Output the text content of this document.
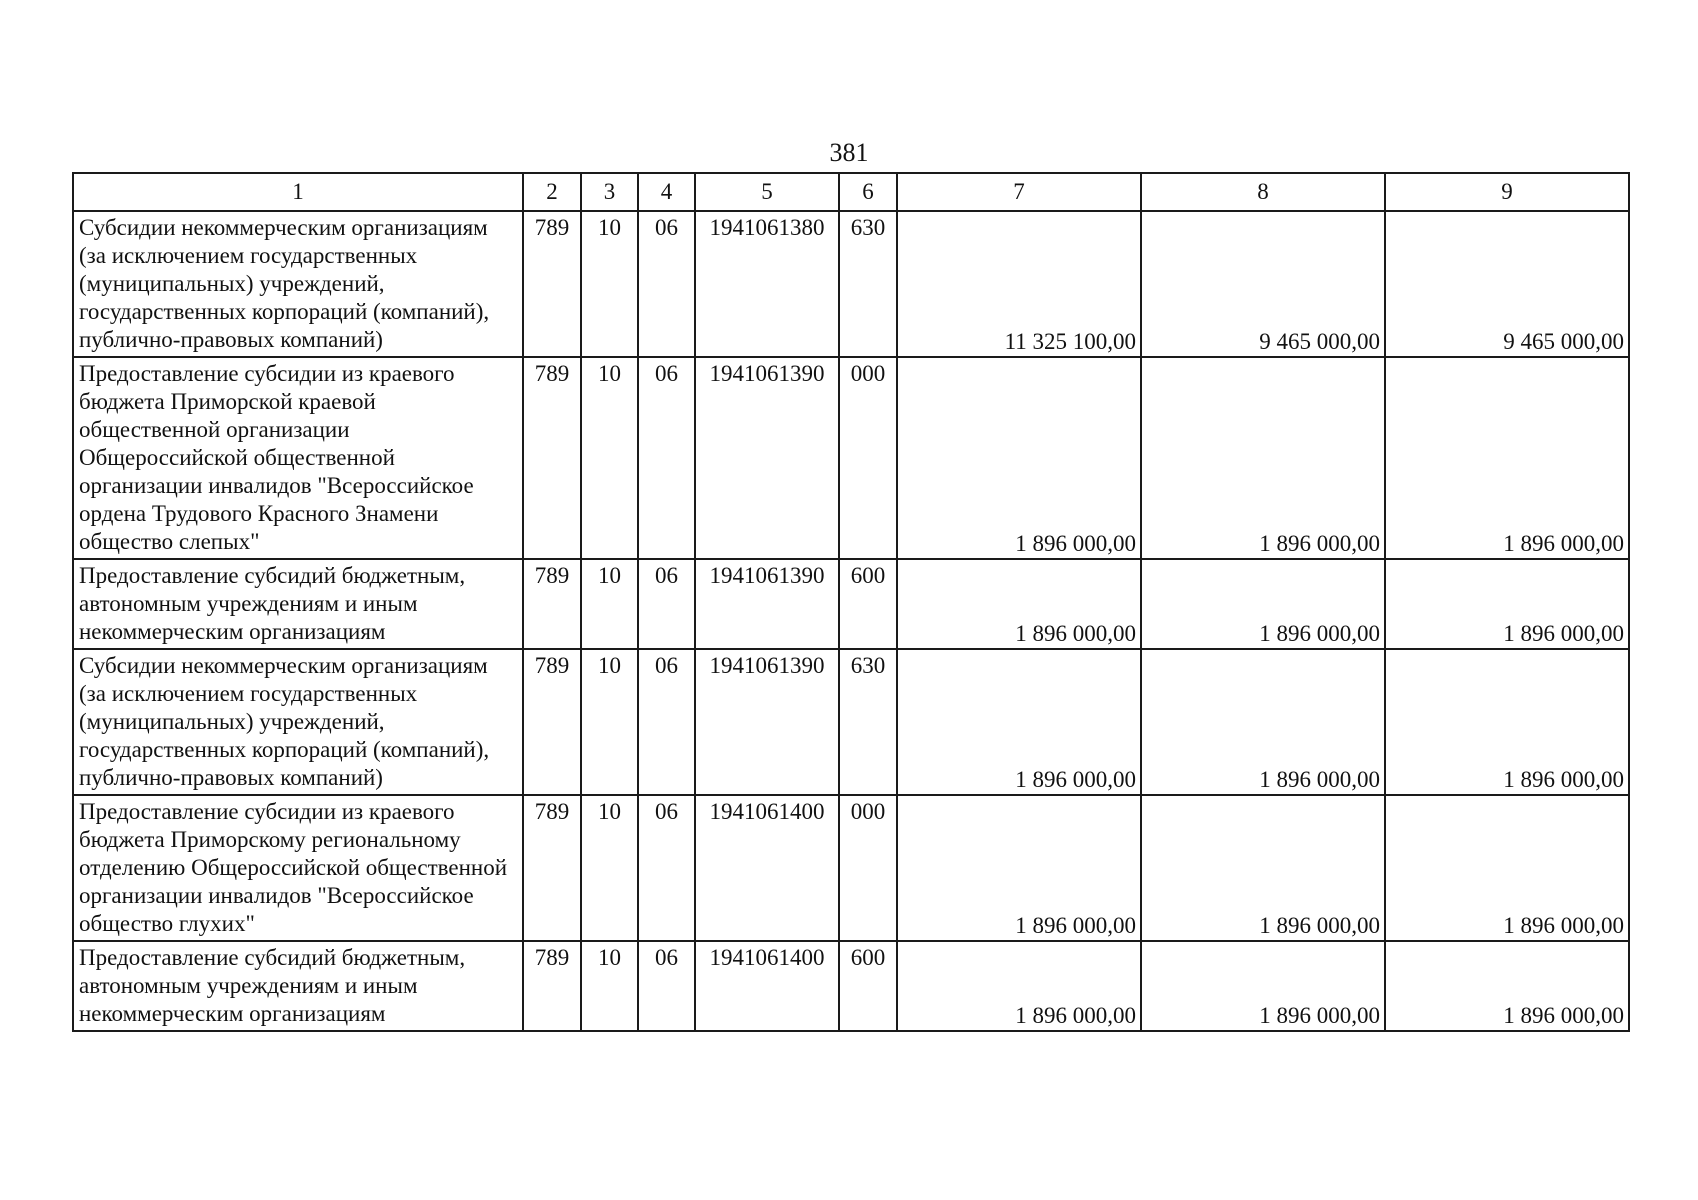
381
1	2	3	4	5	6	7	8	9
Субсидии некоммерческим организациям (за исключением государственных (муниципальных) учреждений, государственных корпораций (компаний), публично-правовых компаний)	789	10	06	1941061380	630	11 325 100,00	9 465 000,00	9 465 000,00
Предоставление субсидии из краевого бюджета Приморской краевой общественной организации Общероссийской общественной организации инвалидов "Всероссийское ордена Трудового Красного Знамени общество слепых"	789	10	06	1941061390	000	1 896 000,00	1 896 000,00	1 896 000,00
Предоставление субсидий бюджетным, автономным учреждениям и иным некоммерческим организациям	789	10	06	1941061390	600	1 896 000,00	1 896 000,00	1 896 000,00
Субсидии некоммерческим организациям (за исключением государственных (муниципальных) учреждений, государственных корпораций (компаний), публично-правовых компаний)	789	10	06	1941061390	630	1 896 000,00	1 896 000,00	1 896 000,00
Предоставление субсидии из краевого бюджета Приморскому региональному отделению Общероссийской общественной организации инвалидов "Всероссийское общество глухих"	789	10	06	1941061400	000	1 896 000,00	1 896 000,00	1 896 000,00
Предоставление субсидий бюджетным, автономным учреждениям и иным некоммерческим организациям	789	10	06	1941061400	600	1 896 000,00	1 896 000,00	1 896 000,00
